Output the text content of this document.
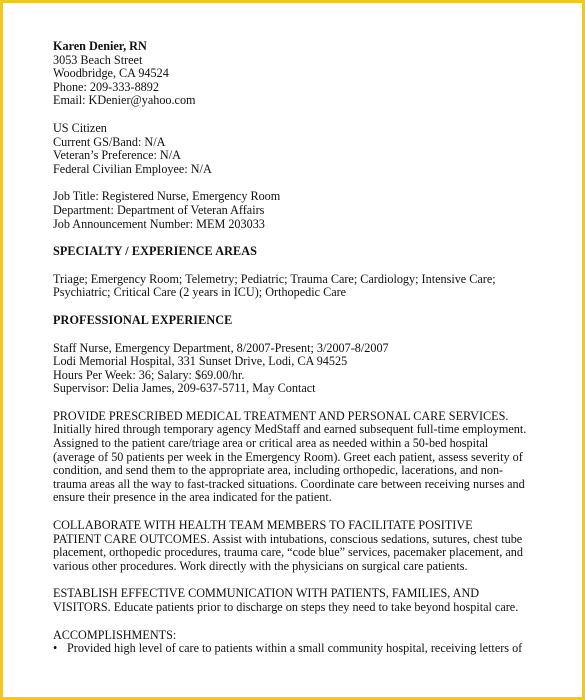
Karen Denier, RN
3053 Beach Street
Woodbridge, CA 94524
Phone: 209-333-8892
Email: KDenier@yahoo.com
US Citizen
Current GS/Band: N/A
Veteran’s Preference: N/A
Federal Civilian Employee: N/A
Job Title: Registered Nurse, Emergency Room
Department: Department of Veteran Affairs
Job Announcement Number: MEM 203033
SPECIALTY / EXPERIENCE AREAS
Triage; Emergency Room; Telemetry; Pediatric; Trauma Care; Cardiology; Intensive Care;
Psychiatric; Critical Care (2 years in ICU); Orthopedic Care
PROFESSIONAL EXPERIENCE
Staff Nurse, Emergency Department, 8/2007-Present; 3/2007-8/2007
Lodi Memorial Hospital, 331 Sunset Drive, Lodi, CA 94525
Hours Per Week: 36; Salary: $69.00/hr.
Supervisor: Delia James, 209-637-5711, May Contact
PROVIDE PRESCRIBED MEDICAL TREATMENT AND PERSONAL CARE SERVICES.
Initially hired through temporary agency MedStaff and earned subsequent full-time employment.
Assigned to the patient care/triage area or critical area as needed within a 50-bed hospital
(average of 50 patients per week in the Emergency Room). Greet each patient, assess severity of
condition, and send them to the appropriate area, including orthopedic, lacerations, and non-
trauma areas all the way to fast-tracked situations. Coordinate care between receiving nurses and
ensure their presence in the area indicated for the patient.
COLLABORATE WITH HEALTH TEAM MEMBERS TO FACILITATE POSITIVE
PATIENT CARE OUTCOMES. Assist with intubations, conscious sedations, sutures, chest tube
placement, orthopedic procedures, trauma care, “code blue” services, pacemaker placement, and
various other procedures. Work directly with the physicians on surgical care patients.
ESTABLISH EFFECTIVE COMMUNICATION WITH PATIENTS, FAMILIES, AND
VISITORS. Educate patients prior to discharge on steps they need to take beyond hospital care.
ACCOMPLISHMENTS:
• Provided high level of care to patients within a small community hospital, receiving letters of
